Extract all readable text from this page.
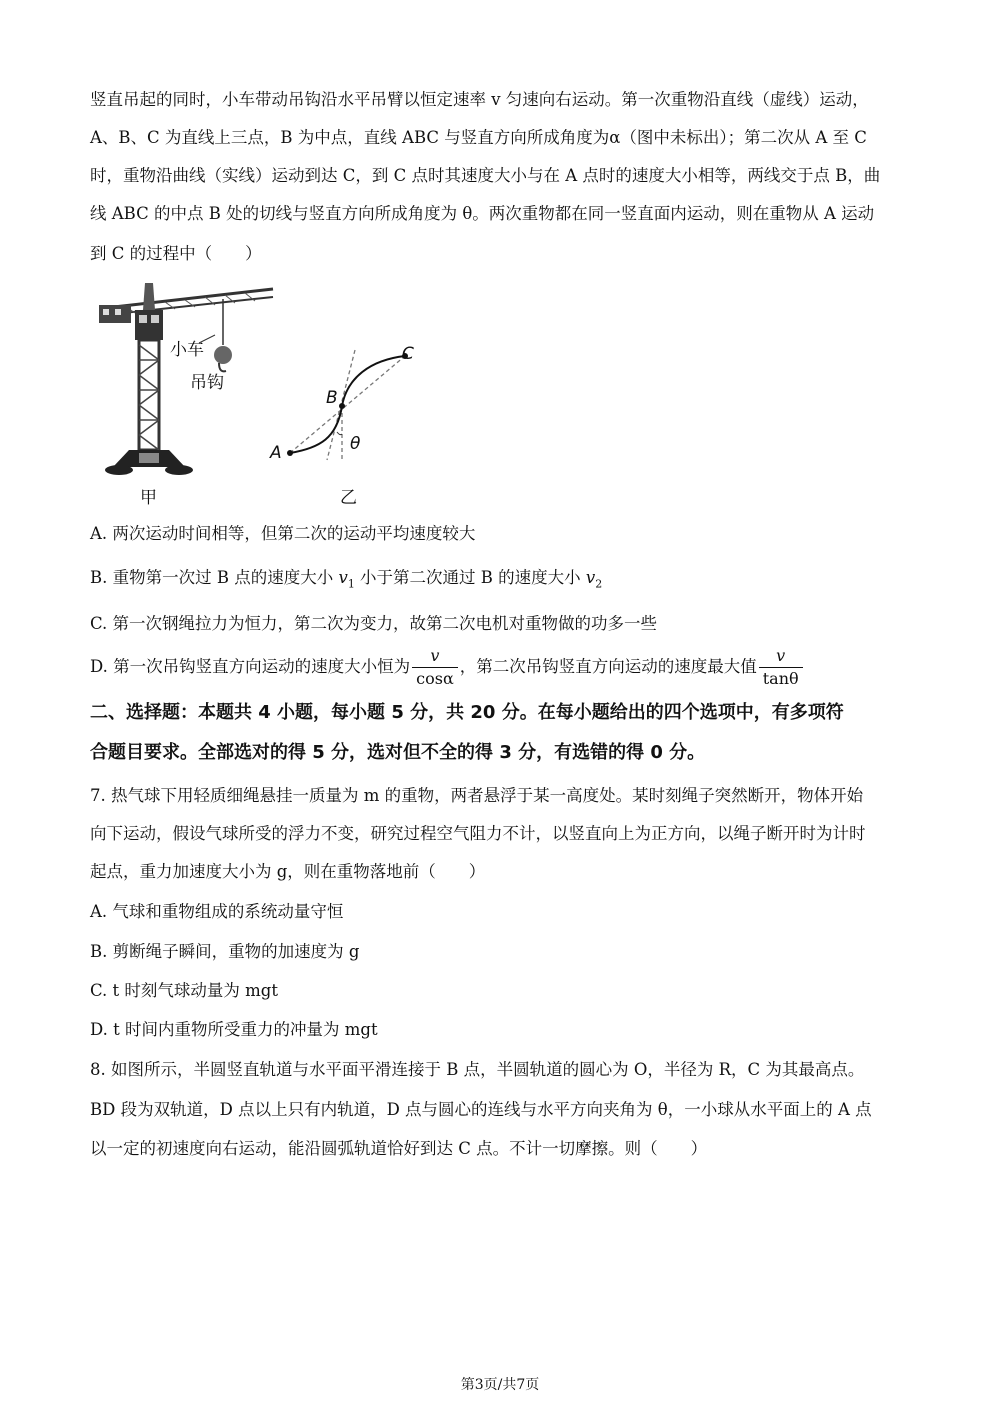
竖直吊起的同时，小车带动吊钩沿水平吊臂以恒定速率 v 匀速向右运动。第一次重物沿直线（虚线）运动，
A、B、C 为直线上三点，B 为中点，直线 ABC 与竖直方向所成角度为α（图中未标出）；第二次从 A 至 C
时，重物沿曲线（实线）运动到达 C，到 C 点时其速度大小与在 A 点时的速度大小相等，两线交于点 B，曲
线 ABC 的中点 B 处的切线与竖直方向所成角度为 θ。两次重物都在同一竖直面内运动，则在重物从 A 运动
到 C 的过程中（　　）
小车
吊钩
甲
A
B
C
θ
乙
A. 两次运动时间相等，但第二次的运动平均速度较大
B. 重物第一次过 B 点的速度大小 $v_1$ 小于第二次通过 B 的速度大小 $v_2$
C. 第一次钢绳拉力为恒力，第二次为变力，故第二次电机对重物做的功多一些
D. 第一次吊钩竖直方向运动的速度大小恒为 $\frac{v}{\cos\alpha}$ ，第二次吊钩竖直方向运动的速度最大值 $\frac{v}{\tan\theta}$
二、选择题：本题共 4 小题，每小题 5 分，共 20 分。在每小题给出的四个选项中，有多项符
合题目要求。全部选对的得 5 分，选对但不全的得 3 分，有选错的得 0 分。
7. 热气球下用轻质细绳悬挂一质量为 m 的重物，两者悬浮于某一高度处。某时刻绳子突然断开，物体开始
向下运动，假设气球所受的浮力不变，研究过程空气阻力不计，以竖直向上为正方向，以绳子断开时为计时
起点，重力加速度大小为 g，则在重物落地前（　　）
A. 气球和重物组成的系统动量守恒
B. 剪断绳子瞬间，重物的加速度为 g
C. t 时刻气球动量为 mgt
D. t 时间内重物所受重力的冲量为 mgt
8. 如图所示，半圆竖直轨道与水平面平滑连接于 B 点，半圆轨道的圆心为 O，半径为 R，C 为其最高点。
BD 段为双轨道，D 点以上只有内轨道，D 点与圆心的连线与水平方向夹角为 θ，一小球从水平面上的 A 点
以一定的初速度向右运动，能沿圆弧轨道恰好到达 C 点。不计一切摩擦。则（　　）
第3页/共7页
